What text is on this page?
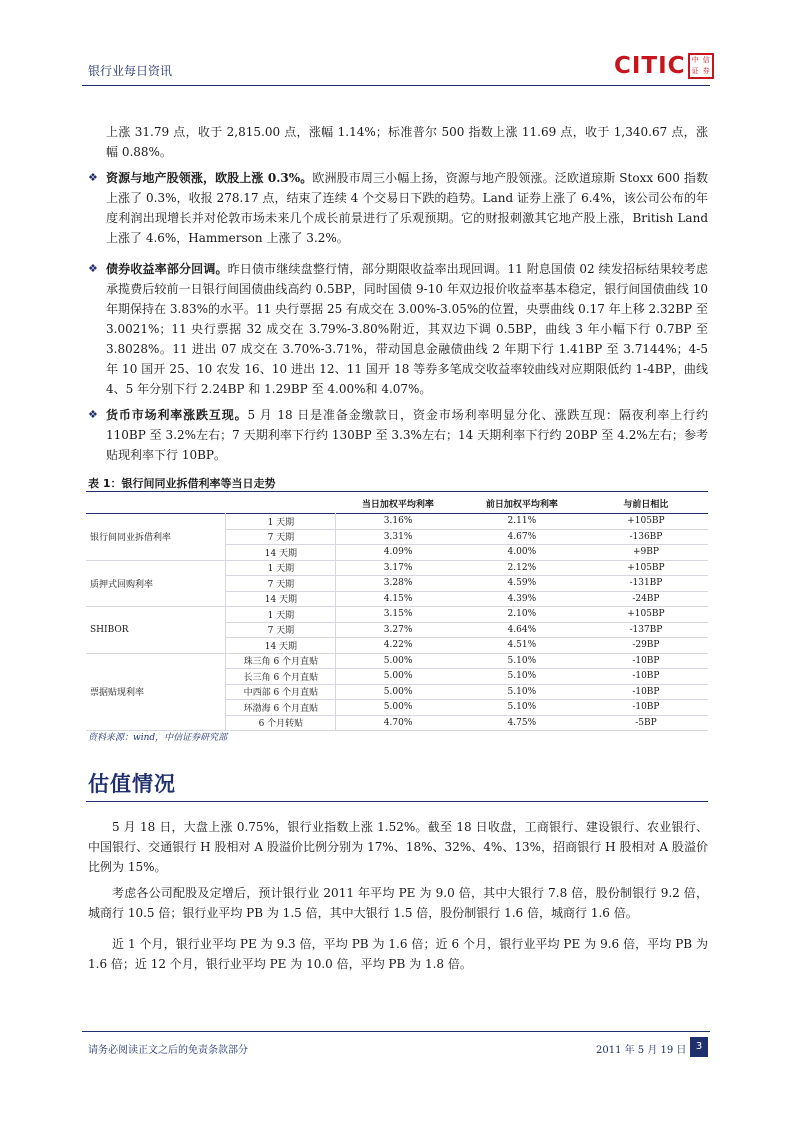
银行业每日资讯	CITIC 中 信
证 券
上涨 31.79 点，收于 2,815.00 点，涨幅 1.14%；标准普尔 500 指数上涨 11.69 点，收于 1,340.67 点，涨幅 0.88%。
❖ 资源与地产股领涨，欧股上涨 0.3%。欧洲股市周三小幅上扬，资源与地产股领涨。泛欧道琼斯 Stoxx 600 指数上涨了 0.3%，收报 278.17 点，结束了连续 4 个交易日下跌的趋势。Land 证券上涨了 6.4%，该公司公布的年度利润出现增长并对伦敦市场未来几个成长前景进行了乐观预期。它的财报刺激其它地产股上涨，British Land 上涨了 4.6%，Hammerson 上涨了 3.2%。
❖ 债券收益率部分回调。昨日债市继续盘整行情，部分期限收益率出现回调。11 附息国债 02 续发招标结果较考虑承揽费后较前一日银行间国债曲线高约 0.5BP，同时国债 9-10 年双边报价收益率基本稳定，银行间国债曲线 10 年期保持在 3.83%的水平。11 央行票据 25 有成交在 3.00%-3.05%的位置，央票曲线 0.17 年上移 2.32BP 至 3.0021%；11 央行票据 32 成交在 3.79%-3.80%附近，其双边下调 0.5BP，曲线 3 年小幅下行 0.7BP 至 3.8028%。11 进出 07 成交在 3.70%-3.71%，带动国息金融债曲线 2 年期下行 1.41BP 至 3.7144%；4-5 年 10 国开 25、10 农发 16、10 进出 12、11 国开 18 等券多笔成交收益率较曲线对应期限低约 1-4BP，曲线 4、5 年分别下行 2.24BP 和 1.29BP 至 4.00%和 4.07%。
❖ 货币市场利率涨跌互现。5 月 18 日是准备金缴款日，资金市场利率明显分化、涨跌互现：隔夜利率上行约 110BP 至 3.2%左右；7 天期利率下行约 130BP 至 3.3%左右；14 天期利率下行约 20BP 至 4.2%左右；参考贴现利率下行 10BP。
表 1：银行间同业拆借利率等当日走势
		当日加权平均利率	前日加权平均利率	与前日相比
银行间同业拆借利率	1 天期	3.16%	2.11%	+105BP
	7 天期	3.31%	4.67%	-136BP
	14 天期	4.09%	4.00%	+9BP
质押式回购利率	1 天期	3.17%	2.12%	+105BP
	7 天期	3.28%	4.59%	-131BP
	14 天期	4.15%	4.39%	-24BP
SHIBOR	1 天期	3.15%	2.10%	+105BP
	7 天期	3.27%	4.64%	-137BP
	14 天期	4.22%	4.51%	-29BP
票据贴现利率	珠三角 6 个月直贴	5.00%	5.10%	-10BP
	长三角 6 个月直贴	5.00%	5.10%	-10BP
	中西部 6 个月直贴	5.00%	5.10%	-10BP
	环渤海 6 个月直贴	5.00%	5.10%	-10BP
	6 个月转贴	4.70%	4.75%	-5BP
资料来源：wind，中信证券研究部
估值情况
5 月 18 日，大盘上涨 0.75%，银行业指数上涨 1.52%。截至 18 日收盘，工商银行、建设银行、农业银行、中国银行、交通银行 H 股相对 A 股溢价比例分别为 17%、18%、32%、4%、13%，招商银行 H 股相对 A 股溢价比例为 15%。
考虑各公司配股及定增后，预计银行业 2011 年平均 PE 为 9.0 倍，其中大银行 7.8 倍，股份制银行 9.2 倍，城商行 10.5 倍；银行业平均 PB 为 1.5 倍，其中大银行 1.5 倍，股份制银行 1.6 倍，城商行 1.6 倍。
近 1 个月，银行业平均 PE 为 9.3 倍，平均 PB 为 1.6 倍；近 6 个月，银行业平均 PE 为 9.6 倍，平均 PB 为 1.6 倍；近 12 个月，银行业平均 PE 为 10.0 倍，平均 PB 为 1.8 倍。
请务必阅读正文之后的免责条款部分	2011 年 5 月 19 日 3
